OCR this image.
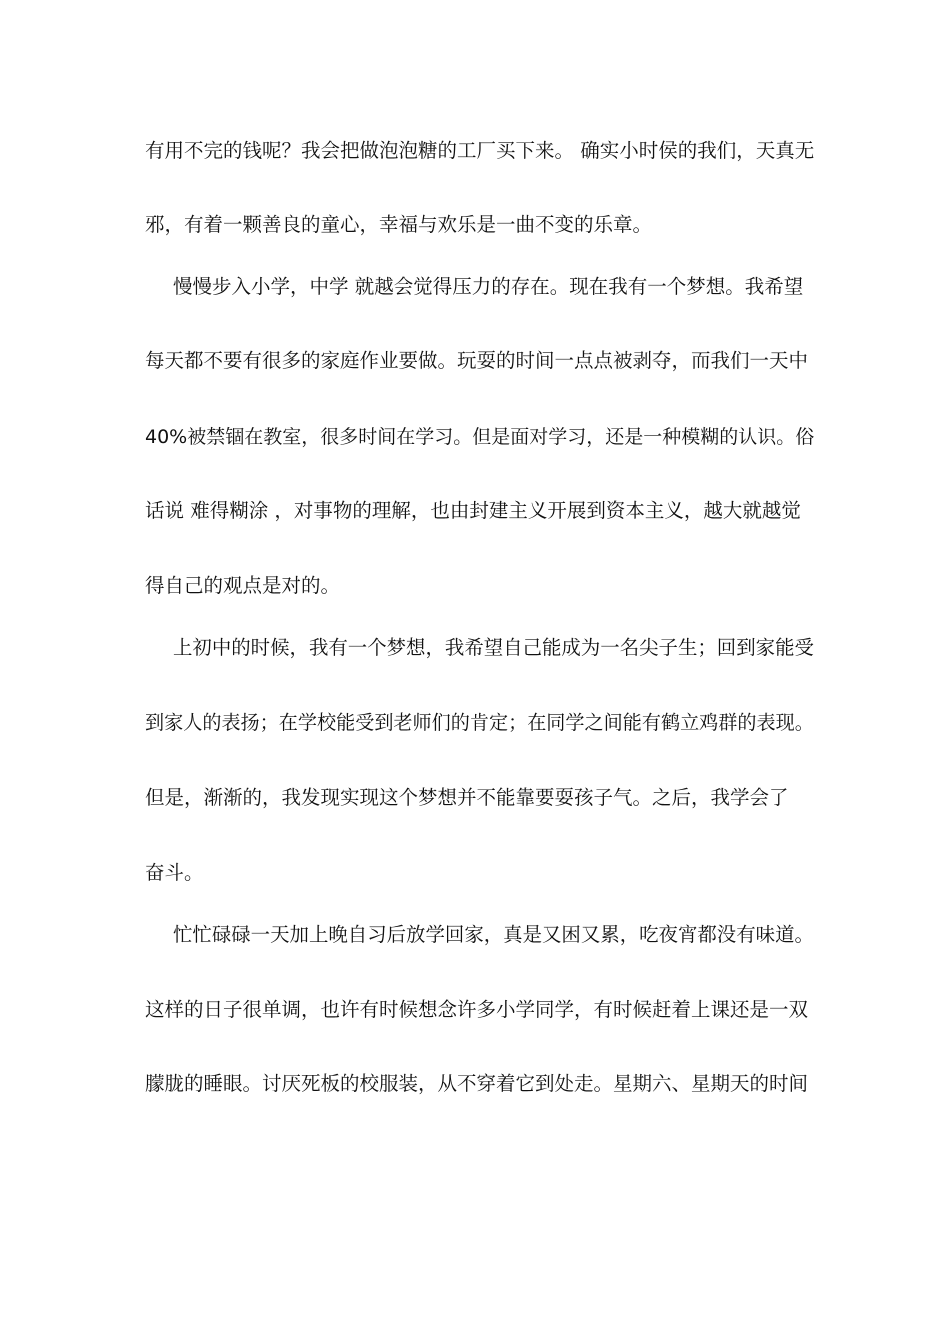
有用不完的钱呢？我会把做泡泡糖的工厂买下来。 确实小时侯的我们，天真无
邪，有着一颗善良的童心，幸福与欢乐是一曲不变的乐章。
慢慢步入小学，中学 就越会觉得压力的存在。现在我有一个梦想。我希望
每天都不要有很多的家庭作业要做。玩耍的时间一点点被剥夺，而我们一天中
40%被禁锢在教室，很多时间在学习。但是面对学习，还是一种模糊的认识。俗
话说 难得糊涂 ，对事物的理解，也由封建主义开展到资本主义，越大就越觉
得自己的观点是对的。
上初中的时候，我有一个梦想，我希望自己能成为一名尖子生；回到家能受
到家人的表扬；在学校能受到老师们的肯定；在同学之间能有鹤立鸡群的表现。
但是，渐渐的，我发现实现这个梦想并不能靠要耍孩子气。之后，我学会了
奋斗。
忙忙碌碌一天加上晚自习后放学回家，真是又困又累，吃夜宵都没有味道。
这样的日子很单调，也许有时候想念许多小学同学，有时候赶着上课还是一双
朦胧的睡眼。讨厌死板的校服装，从不穿着它到处走。星期六、星期天的时间
